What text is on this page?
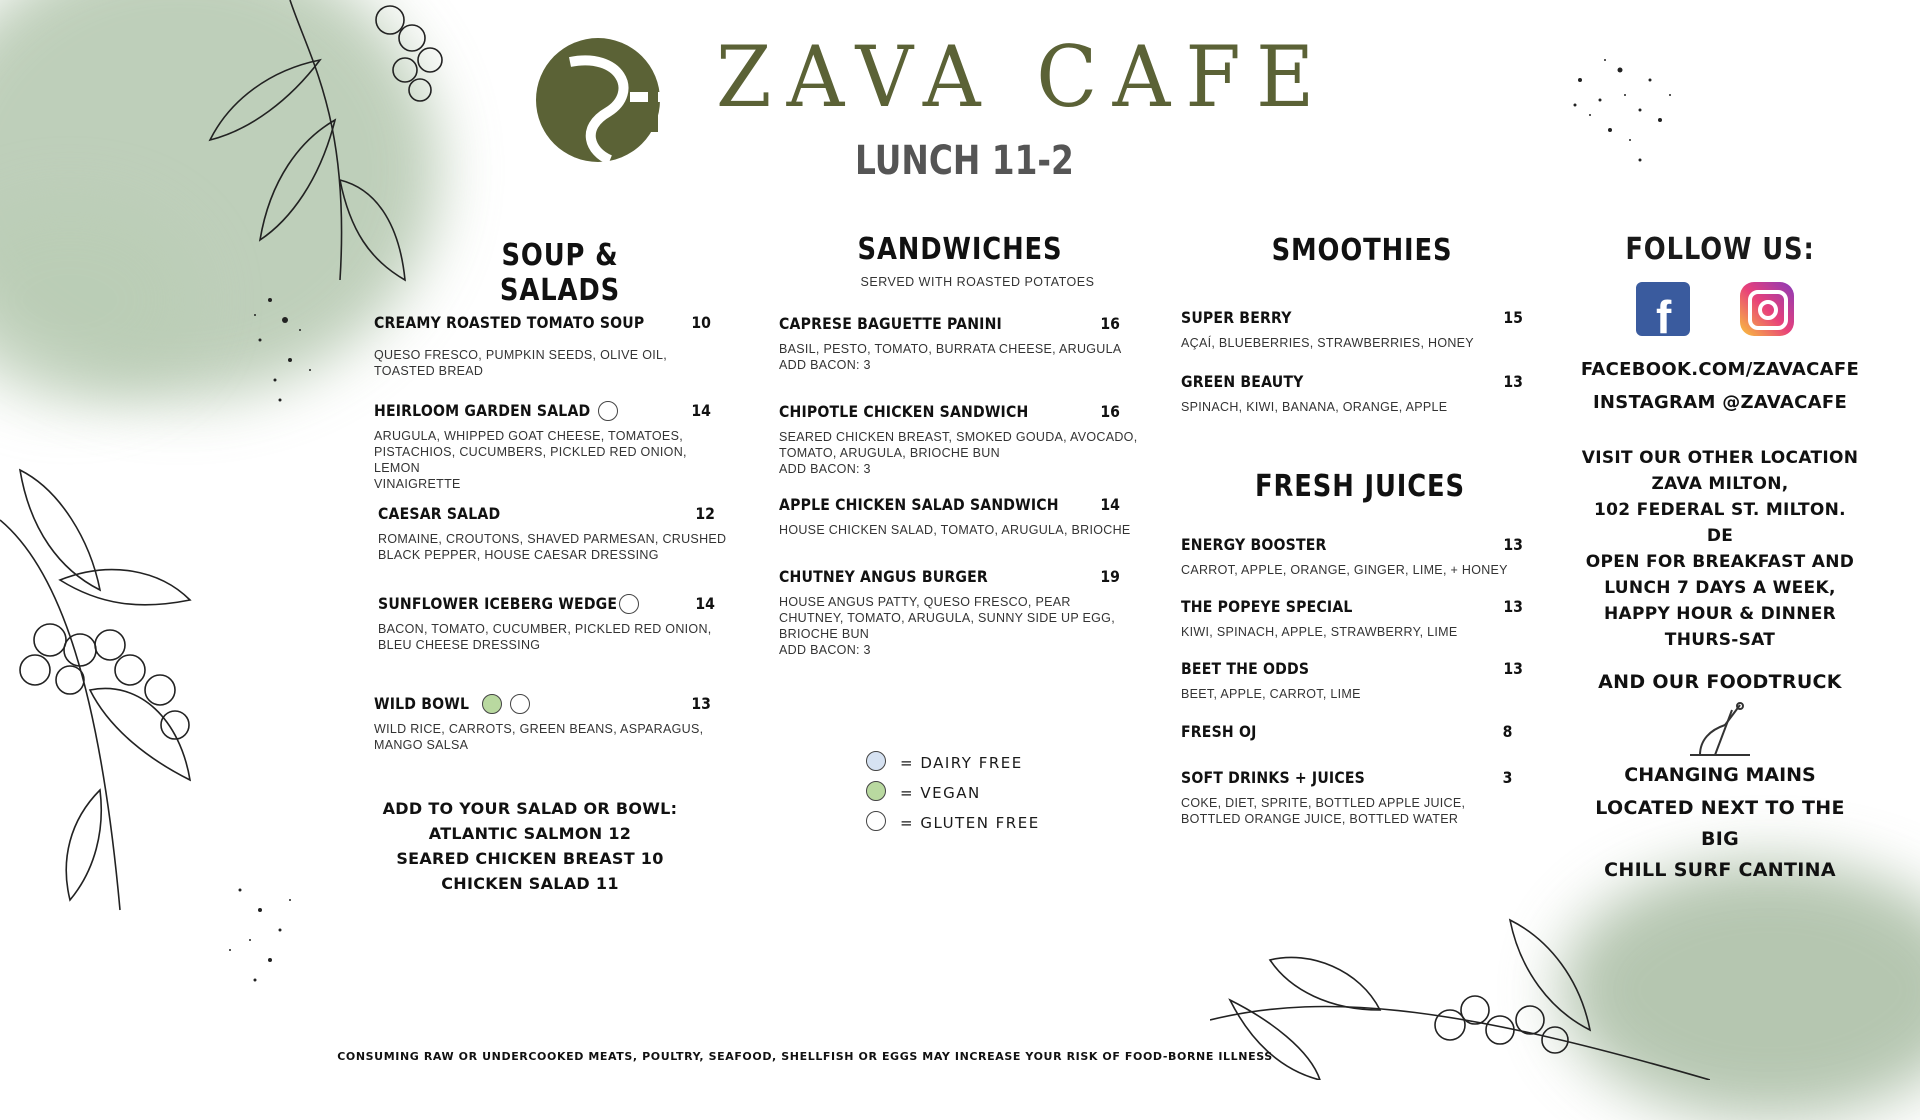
ZAVA CAFE
LUNCH 11-2
SOUP & SALADS
CREAMY ROASTED TOMATO SOUP	10
QUESO FRESCO, PUMPKIN SEEDS, OLIVE OIL,
TOASTED BREAD
HEIRLOOM GARDEN SALAD	14
ARUGULA, WHIPPED GOAT CHEESE, TOMATOES,
PISTACHIOS, CUCUMBERS, PICKLED RED ONION, LEMON
VINAIGRETTE
CAESAR SALAD	12
ROMAINE, CROUTONS, SHAVED PARMESAN, CRUSHED
BLACK PEPPER, HOUSE CAESAR DRESSING
SUNFLOWER ICEBERG WEDGE	14
BACON, TOMATO, CUCUMBER, PICKLED RED ONION,
BLEU CHEESE DRESSING
WILD BOWL	13
WILD RICE, CARROTS, GREEN BEANS, ASPARAGUS,
MANGO SALSA
ADD TO YOUR SALAD OR BOWL:
ATLANTIC SALMON 12
SEARED CHICKEN BREAST 10
CHICKEN SALAD 11
SANDWICHES
SERVED WITH ROASTED POTATOES
CAPRESE BAGUETTE PANINI	16
BASIL, PESTO, TOMATO, BURRATA CHEESE, ARUGULA
ADD BACON: 3
CHIPOTLE CHICKEN SANDWICH	16
SEARED CHICKEN BREAST, SMOKED GOUDA, AVOCADO,
TOMATO, ARUGULA, BRIOCHE BUN
ADD BACON: 3
APPLE CHICKEN SALAD SANDWICH	14
HOUSE CHICKEN SALAD, TOMATO, ARUGULA, BRIOCHE
CHUTNEY ANGUS BURGER	19
HOUSE ANGUS PATTY, QUESO FRESCO, PEAR
CHUTNEY, TOMATO, ARUGULA, SUNNY SIDE UP EGG,
BRIOCHE BUN
ADD BACON: 3
= DAIRY FREE
= VEGAN
= GLUTEN FREE
SMOOTHIES
SUPER BERRY	15
AÇAÍ, BLUEBERRIES, STRAWBERRIES, HONEY
GREEN BEAUTY	13
SPINACH, KIWI, BANANA, ORANGE, APPLE
FRESH JUICES
ENERGY BOOSTER	13
CARROT, APPLE, ORANGE, GINGER, LIME, + HONEY
THE POPEYE SPECIAL	13
KIWI, SPINACH, APPLE, STRAWBERRY, LIME
BEET THE ODDS	13
BEET, APPLE, CARROT, LIME
FRESH OJ	8
SOFT DRINKS + JUICES	3
COKE, DIET, SPRITE, BOTTLED APPLE JUICE,
BOTTLED ORANGE JUICE, BOTTLED WATER
FOLLOW US:
f
FACEBOOK.COM/ZAVACAFE
INSTAGRAM @ZAVACAFE
VISIT OUR OTHER LOCATION
ZAVA MILTON,
102 FEDERAL ST. MILTON. DE
OPEN FOR BREAKFAST AND
LUNCH 7 DAYS A WEEK,
HAPPY HOUR & DINNER
THURS-SAT
AND OUR FOODTRUCK
CHANGING MAINS
LOCATED NEXT TO THE BIG
CHILL SURF CANTINA
CONSUMING RAW OR UNDERCOOKED MEATS, POULTRY, SEAFOOD, SHELLFISH OR EGGS MAY INCREASE YOUR RISK OF FOOD-BORNE ILLNESS
